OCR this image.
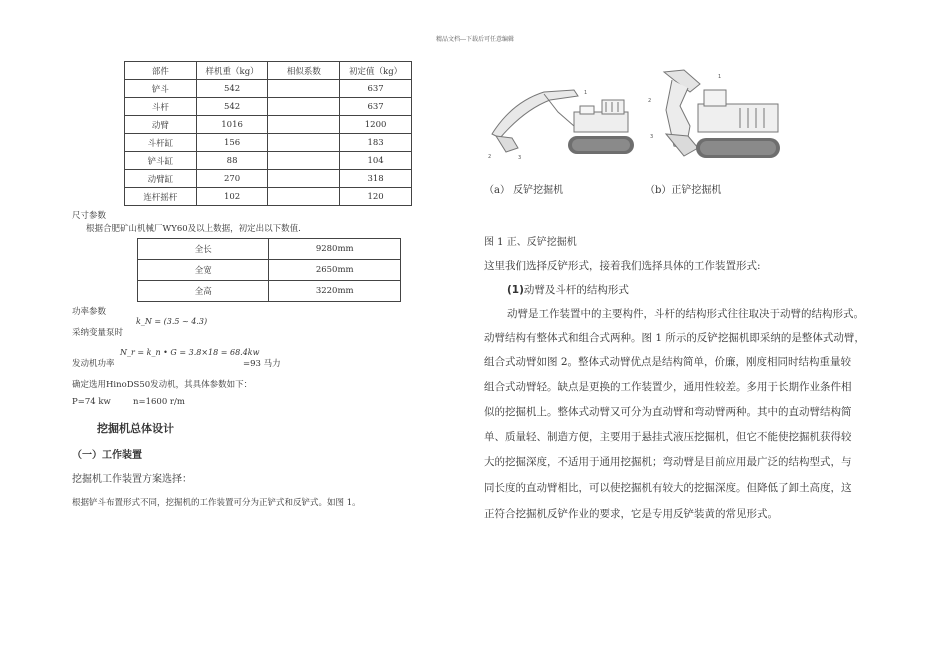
精品文档---下载后可任意编辑
部件	样机重（kg）	相似系数	初定值（kg）
铲斗	542		637
斗杆	542		637
动臂	1016		1200
斗杆缸	156		183
铲斗缸	88		104
动臂缸	270		318
连杆摇杆	102		120
尺寸参数
根据合肥矿山机械厂WY60及以上数据，初定出以下数值.
全长	9280mm
全宽	2650mm
全高	3220mm
功率参数
采纳变量泵时
k_N = (3.5 ~ 4.3)
发动机功率
N_r = k_n • G = 3.8×18 = 68.4kw
=93 马力
确定选用HinoDS50发动机，其具体参数如下：
P=74 kw	n=1600 r/m
挖掘机总体设计
（一）工作装置
挖掘机工作装置方案选择：
根据铲斗布置形式不同，挖掘机的工作装置可分为正铲式和反铲式。如图 1。
1
2	3
1
2
3
（a） 反铲挖掘机	（b）正铲挖掘机
图 1 正、反铲挖掘机
这里我们选择反铲形式，接着我们选择具体的工作装置形式:
(1)动臂及斗杆的结构形式
动臂是工作装置中的主要构件，斗杆的结构形式往往取决于动臂的结构形式。
动臂结构有整体式和组合式两种。图 1 所示的反铲挖掘机即采纳的是整体式动臂，
组合式动臂如图 2。整体式动臂优点是结构简单，价廉，刚度相同时结构重量较
组合式动臂轻。缺点是更换的工作装置少，通用性较差。多用于长期作业条件相
似的挖掘机上。整体式动臂又可分为直动臂和弯动臂两种。其中的直动臂结构简
单、质量轻、制造方便，主要用于悬挂式液压挖掘机，但它不能使挖掘机获得较
大的挖掘深度，不适用于通用挖掘机；弯动臂是目前应用最广泛的结构型式，与
同长度的直动臂相比，可以使挖掘机有较大的挖掘深度。但降低了卸土高度，这
正符合挖掘机反铲作业的要求，它是专用反铲装黄的常见形式。
